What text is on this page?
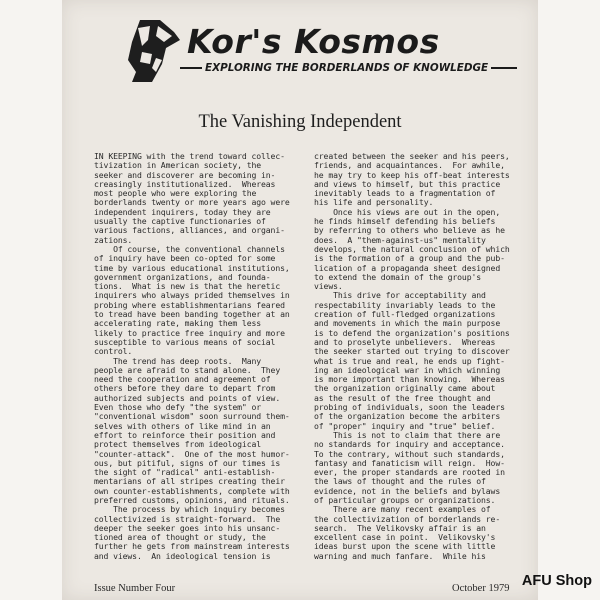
Kor's Kosmos
EXPLORING THE BORDERLANDS OF KNOWLEDGE
The Vanishing Independent
IN KEEPING with the trend toward collec-
tivization in American society, the
seeker and discoverer are becoming in-
creasingly institutionalized.  Whereas
most people who were exploring the
borderlands twenty or more years ago were
independent inquirers, today they are
usually the captive functionaries of
various factions, alliances, and organi-
zations.
Of course, the conventional channels
of inquiry have been co-opted for some
time by various educational institutions,
government organizations, and founda-
tions.  What is new is that the heretic
inquirers who always prided themselves in
probing where establishmentarians feared
to tread have been banding together at an
accelerating rate, making them less
likely to practice free inquiry and more
susceptible to various means of social
control.
The trend has deep roots.  Many
people are afraid to stand alone.  They
need the cooperation and agreement of
others before they dare to depart from
authorized subjects and points of view.
Even those who defy "the system" or
"conventional wisdom" soon surround them-
selves with others of like mind in an
effort to reinforce their position and
protect themselves from ideological
"counter-attack".  One of the most humor-
ous, but pitiful, signs of our times is
the sight of "radical" anti-establish-
mentarians of all stripes creating their
own counter-establishments, complete with
preferred customs, opinions, and rituals.
The process by which inquiry becomes
collectivized is straight-forward.  The
deeper the seeker goes into his unsanc-
tioned area of thought or study, the
further he gets from mainstream interests
and views.  An ideological tension is
created between the seeker and his peers,
friends, and acquaintances.  For awhile,
he may try to keep his off-beat interests
and views to himself, but this practice
inevitably leads to a fragmentation of
his life and personality.
Once his views are out in the open,
he finds himself defending his beliefs
by referring to others who believe as he
does.  A "them-against-us" mentality
develops, the natural conclusion of which
is the formation of a group and the pub-
lication of a propaganda sheet designed
to extend the domain of the group's
views.
This drive for acceptability and
respectability invariably leads to the
creation of full-fledged organizations
and movements in which the main purpose
is to defend the organization's positions
and to proselyte unbelievers.  Whereas
the seeker started out trying to discover
what is true and real, he ends up fight-
ing an ideological war in which winning
is more important than knowing.  Whereas
the organization originally came about
as the result of the free thought and
probing of individuals, soon the leaders
of the organization become the arbiters
of "proper" inquiry and "true" belief.
This is not to claim that there are
no standards for inquiry and acceptance.
To the contrary, without such standards,
fantasy and fanaticism will reign.  How-
ever, the proper standards are rooted in
the laws of thought and the rules of
evidence, not in the beliefs and bylaws
of particular groups or organizations.
There are many recent examples of
the collectivization of borderlands re-
search.  The Velikovsky affair is an
excellent case in point.  Velikovsky's
ideas burst upon the scene with little
warning and much fanfare.  While his
Issue Number Four	October 1979 AFU Shop
